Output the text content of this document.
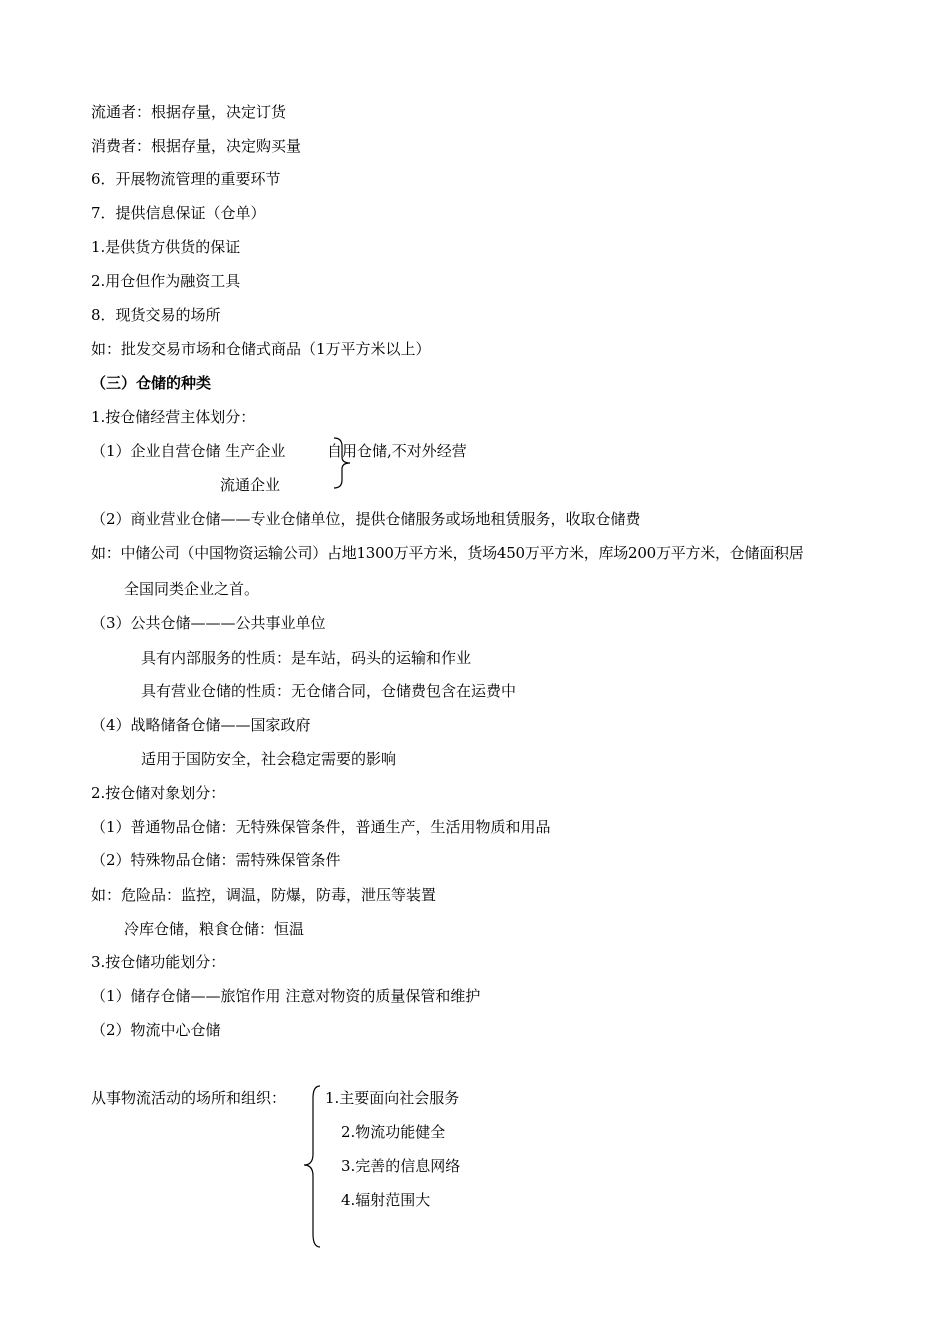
流通者：根据存量，决定订货

消费者：根据存量，决定购买量

6．开展物流管理的重要环节

7．提供信息保证（仓单）

1.是供货方供货的保证

2.用仓但作为融资工具

8．现货交易的场所

如：批发交易市场和仓储式商品（1万平方米以上）

（三）仓储的种类

1.按仓储经营主体划分：

（1）企业自营仓储 生产企业	自用仓储,不对外经营

流通企业

（2）商业营业仓储——专业仓储单位，提供仓储服务或场地租赁服务，收取仓储费

如：中储公司（中国物资运输公司）占地1300万平方米，货场450万平方米，库场200万平方米，仓储面积居

全国同类企业之首。

（3）公共仓储———公共事业单位

具有内部服务的性质：是车站，码头的运输和作业

具有营业仓储的性质：无仓储合同，仓储费包含在运费中

（4）战略储备仓储——国家政府

适用于国防安全，社会稳定需要的影响

2.按仓储对象划分：

（1）普通物品仓储：无特殊保管条件，普通生产，生活用物质和用品

（2）特殊物品仓储：需特殊保管条件

如：危险品：监控，调温，防爆，防毒，泄压等装置

冷库仓储，粮食仓储：恒温

3.按仓储功能划分：

（1）储存仓储——旅馆作用 注意对物资的质量保管和维护

（2）物流中心仓储

从事物流活动的场所和组织：	1.主要面向社会服务

2.物流功能健全

3.完善的信息网络

4.辐射范围大
